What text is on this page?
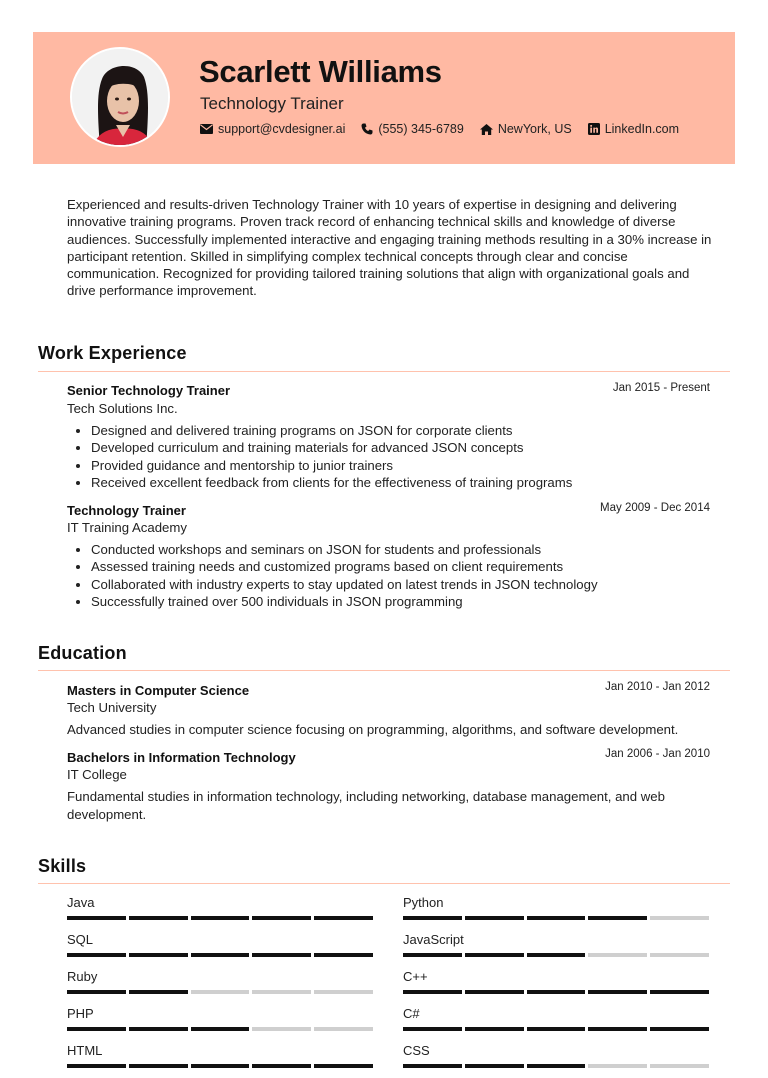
Scarlett Williams
Technology Trainer
support@cvdesigner.ai	(555) 345-6789	NewYork, US	LinkedIn.com
Experienced and results-driven Technology Trainer with 10 years of expertise in designing and delivering innovative training programs. Proven track record of enhancing technical skills and knowledge of diverse audiences. Successfully implemented interactive and engaging training methods resulting in a 30% increase in participant retention. Skilled in simplifying complex technical concepts through clear and concise communication. Recognized for providing tailored training solutions that align with organizational goals and drive performance improvement.
Work Experience
Senior Technology Trainer	Jan 2015 - Present
Tech Solutions Inc.
• Designed and delivered training programs on JSON for corporate clients
• Developed curriculum and training materials for advanced JSON concepts
• Provided guidance and mentorship to junior trainers
• Received excellent feedback from clients for the effectiveness of training programs
Technology Trainer	May 2009 - Dec 2014
IT Training Academy
• Conducted workshops and seminars on JSON for students and professionals
• Assessed training needs and customized programs based on client requirements
• Collaborated with industry experts to stay updated on latest trends in JSON technology
• Successfully trained over 500 individuals in JSON programming
Education
Masters in Computer Science	Jan 2010 - Jan 2012
Tech University
Advanced studies in computer science focusing on programming, algorithms, and software development.
Bachelors in Information Technology	Jan 2006 - Jan 2010
IT College
Fundamental studies in information technology, including networking, database management, and web development.
Skills
Java	Python
SQL	JavaScript
Ruby	C++
PHP	C#
HTML	CSS
